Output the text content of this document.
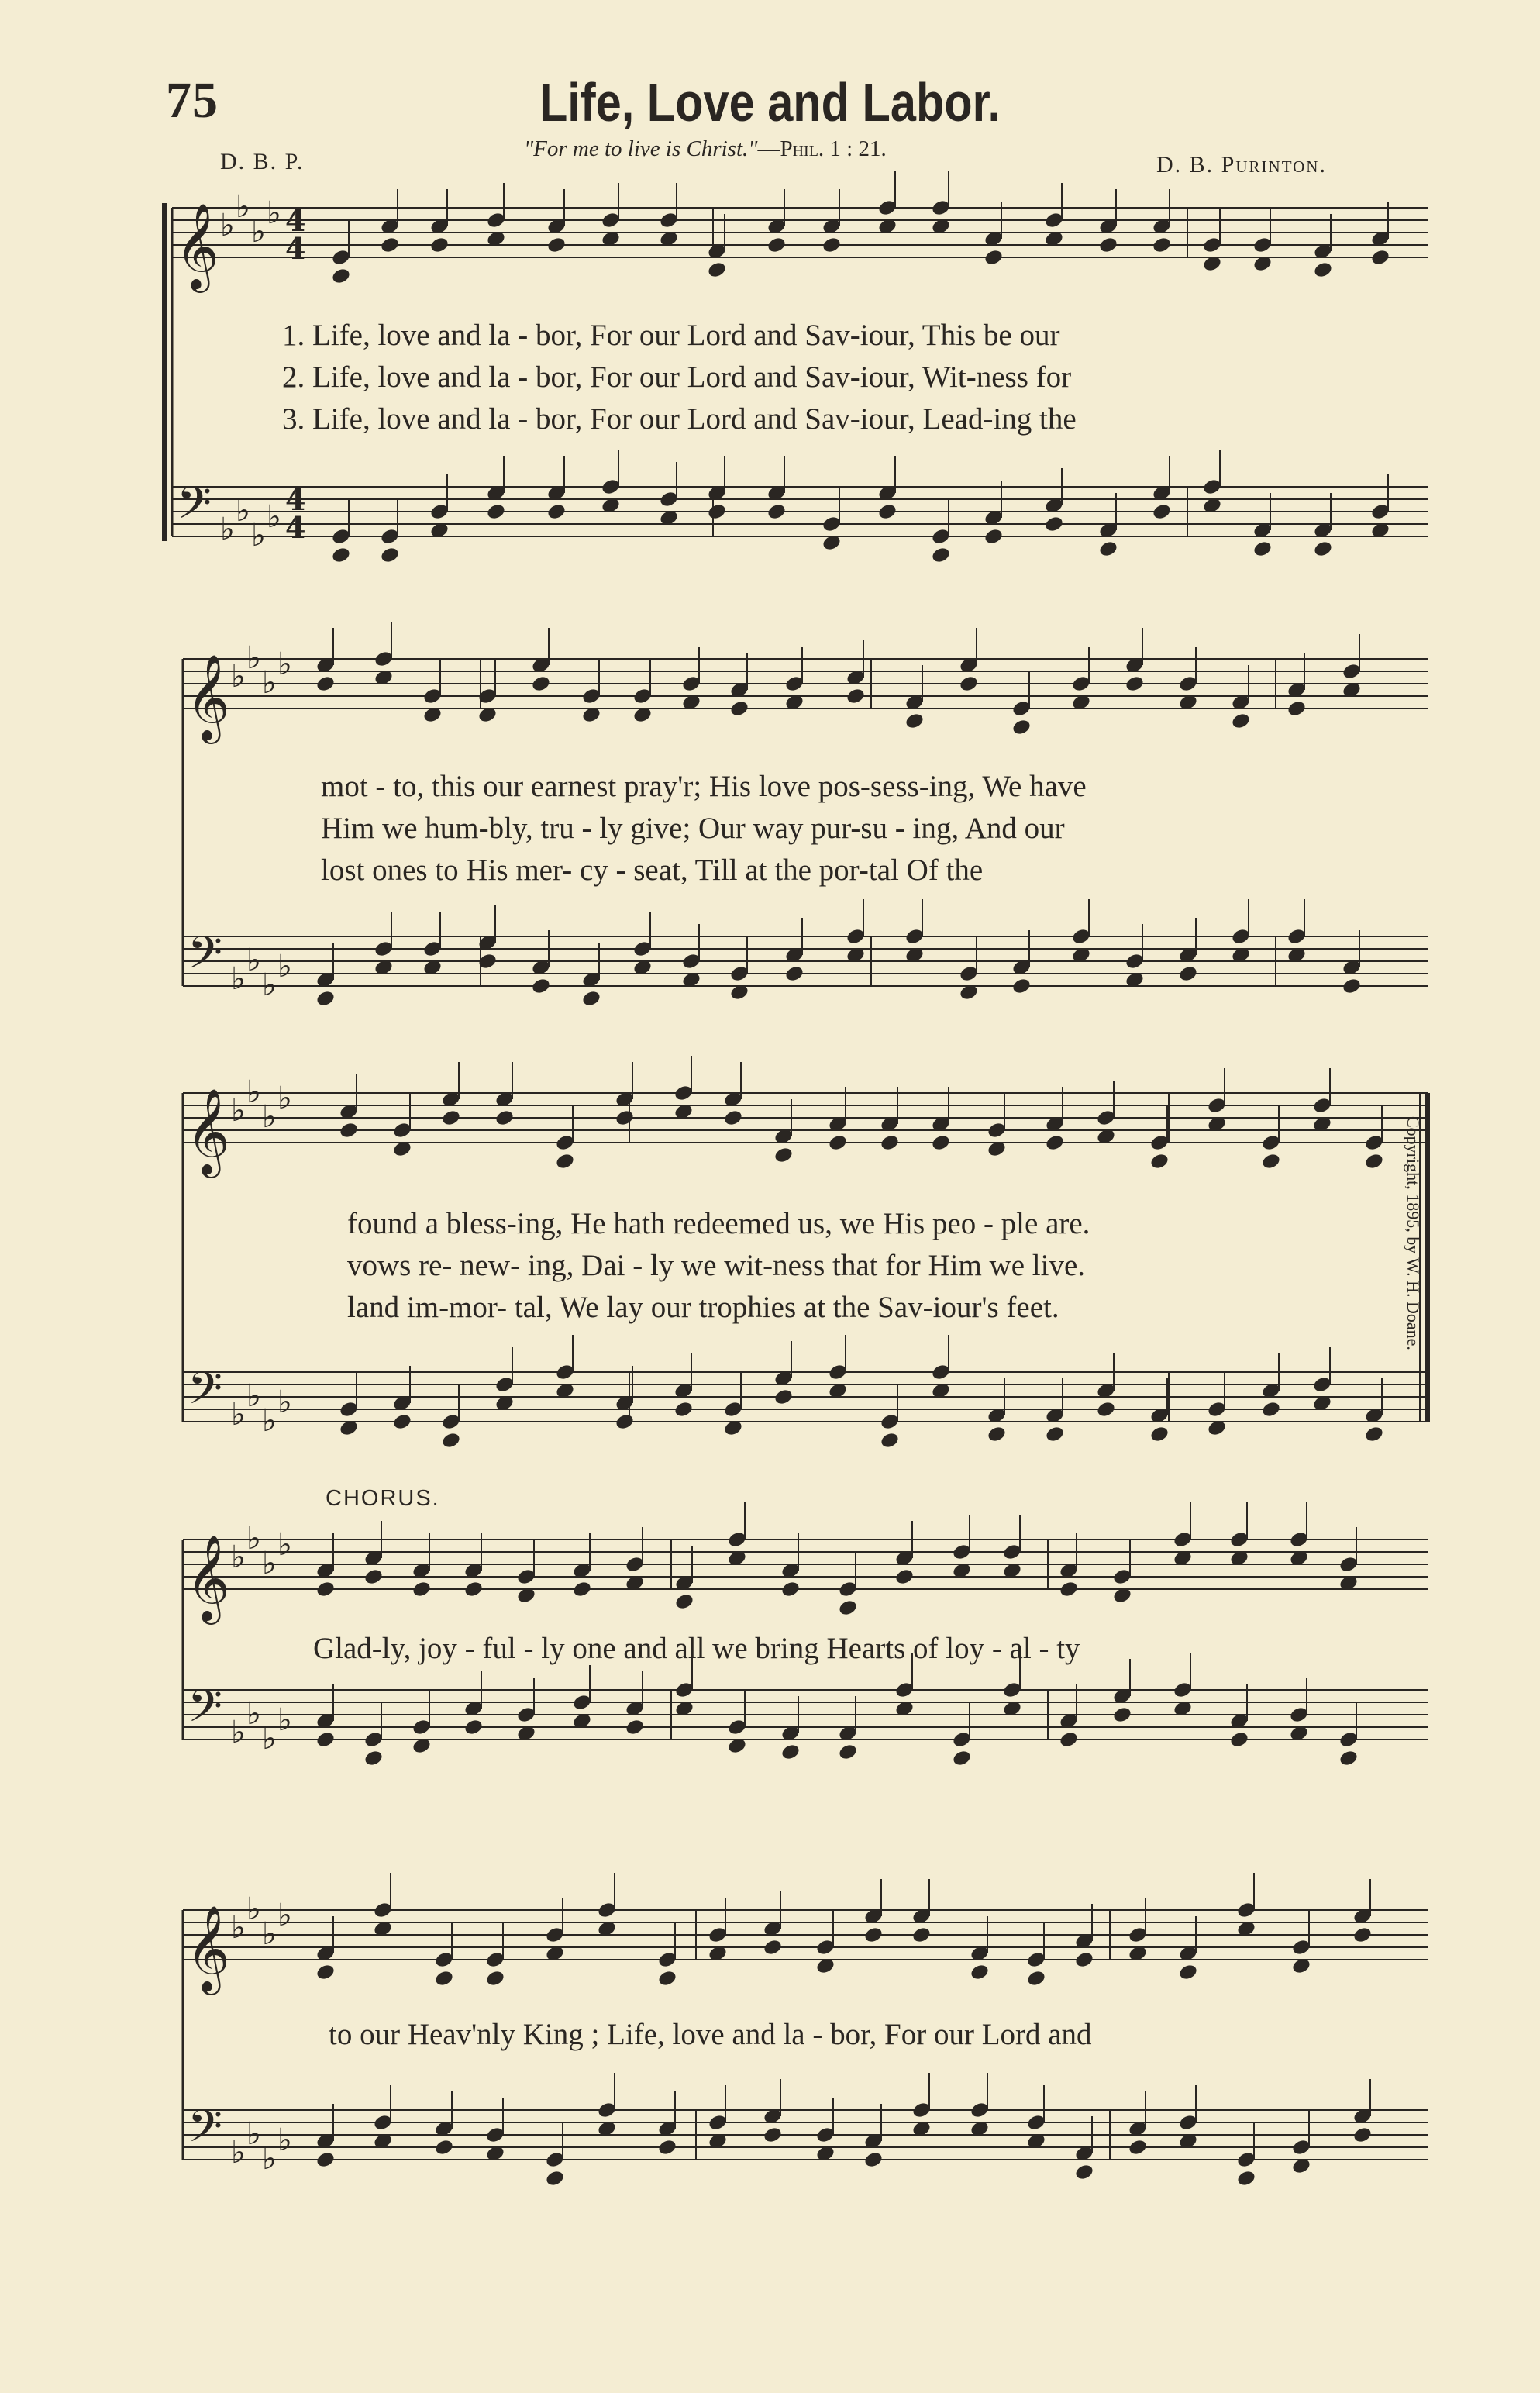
75	Life, Love and Labor.
D. B. P.	"For me to live is Christ."—Phil. 1 : 21.
D. B. Purinton.
𝄞 ♭
♭
♭
♭ 4
4
𝄢 ♭
♭
♭
♭ 4
4
𝄞 ♭
♭
♭
♭
𝄢 ♭
♭
♭
♭
𝄞 ♭
♭
♭
♭
𝄢 ♭
♭
♭
♭
𝄞 ♭
♭
♭
♭
𝄢 ♭
♭
♭
♭
𝄞 ♭
♭
♭
♭
𝄢 ♭
♭
♭
♭
1. Life, love and la - bor, For our Lord and Sav-iour, This be our
2. Life, love and la - bor, For our Lord and Sav-iour, Wit-ness for
3. Life, love and la - bor, For our Lord and Sav-iour, Lead-ing the
mot - to, this our earnest pray'r; His love pos-sess-ing, We have
Him we hum-bly, tru - ly give; Our way pur-su - ing, And our
lost ones to His mer- cy - seat, Till at the por-tal Of the
found a bless-ing, He hath redeemed us, we His peo - ple are.
vows re- new- ing, Dai - ly we wit-ness that for Him we live.
land im-mor- tal, We lay our trophies at the Sav-iour's feet.
CHORUS.
Glad-ly, joy - ful - ly one and all we bring Hearts of loy - al - ty
to our Heav'nly King ; Life, love and la - bor, For our Lord and
Copyright, 1895, by W. H. Doane.
